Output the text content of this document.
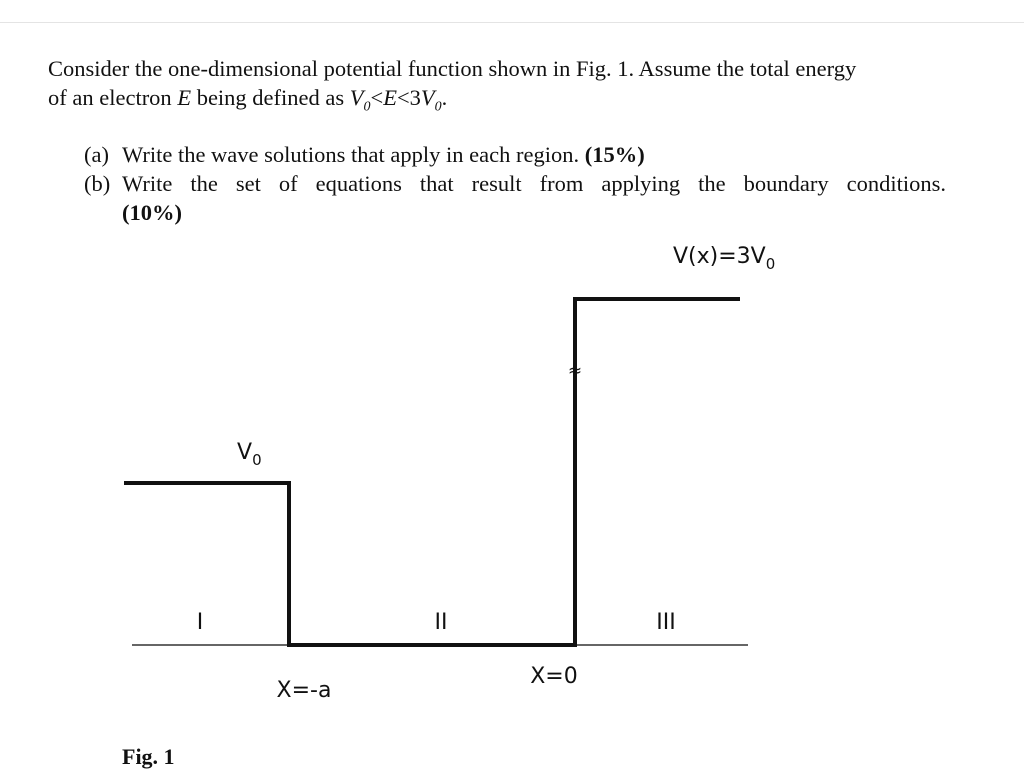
Consider the one-dimensional potential function shown in Fig. 1. Assume the total energy
of an electron E being defined as $V_0<E<3V_0$.
(a) Write the wave solutions that apply in each region. (15%)
(b) Write the set of equations that result from applying the boundary conditions.
(10%)
≈
$V(x)=3V_0$
$V_0$
I	II	III
X=-a
X=0
Fig. 1
